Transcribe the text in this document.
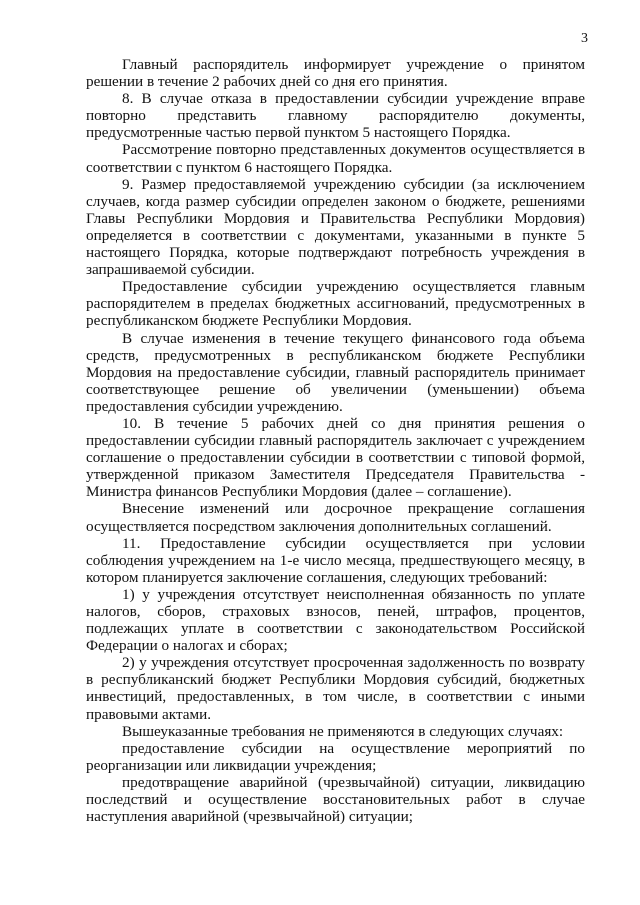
3

Главный распорядитель информирует учреждение о принятом решении в течение 2 рабочих дней со дня его принятия.

8. В случае отказа в предоставлении субсидии учреждение вправе повторно представить главному распорядителю документы, предусмотренные частью первой пунктом 5 настоящего Порядка.

Рассмотрение повторно представленных документов осуществляется в соответствии с пунктом 6 настоящего Порядка.

9. Размер предоставляемой учреждению субсидии (за исключением случаев, когда размер субсидии определен законом о бюджете, решениями Главы Республики Мордовия и Правительства Республики Мордовия) определяется в соответствии с документами, указанными в пункте 5 настоящего Порядка, которые подтверждают потребность учреждения в запрашиваемой субсидии.

Предоставление субсидии учреждению осуществляется главным распорядителем в пределах бюджетных ассигнований, предусмотренных в республиканском бюджете Республики Мордовия.

В случае изменения в течение текущего финансового года объема средств, предусмотренных в республиканском бюджете Республики Мордовия на предоставление субсидии, главный распорядитель принимает соответствующее решение об увеличении (уменьшении) объема предоставления субсидии учреждению.

10. В течение 5 рабочих дней со дня принятия решения о предоставлении субсидии главный распорядитель заключает с учреждением соглашение о предоставлении субсидии в соответствии с типовой формой, утвержденной приказом Заместителя Председателя Правительства - Министра финансов Республики Мордовия (далее – соглашение).

Внесение изменений или досрочное прекращение соглашения осуществляется посредством заключения дополнительных соглашений.

11. Предоставление субсидии осуществляется при условии соблюдения учреждением на 1-е число месяца, предшествующего месяцу, в котором планируется заключение соглашения, следующих требований:

1) у учреждения отсутствует неисполненная обязанность по уплате налогов, сборов, страховых взносов, пеней, штрафов, процентов, подлежащих уплате в соответствии с законодательством Российской Федерации о налогах и сборах;

2) у учреждения отсутствует просроченная задолженность по возврату в республиканский бюджет Республики Мордовия субсидий, бюджетных инвестиций, предоставленных, в том числе, в соответствии с иными правовыми актами.

Вышеуказанные требования не применяются в следующих случаях:

предоставление субсидии на осуществление мероприятий по реорганизации или ликвидации учреждения;

предотвращение аварийной (чрезвычайной) ситуации, ликвидацию последствий и осуществление восстановительных работ в случае наступления аварийной (чрезвычайной) ситуации;
